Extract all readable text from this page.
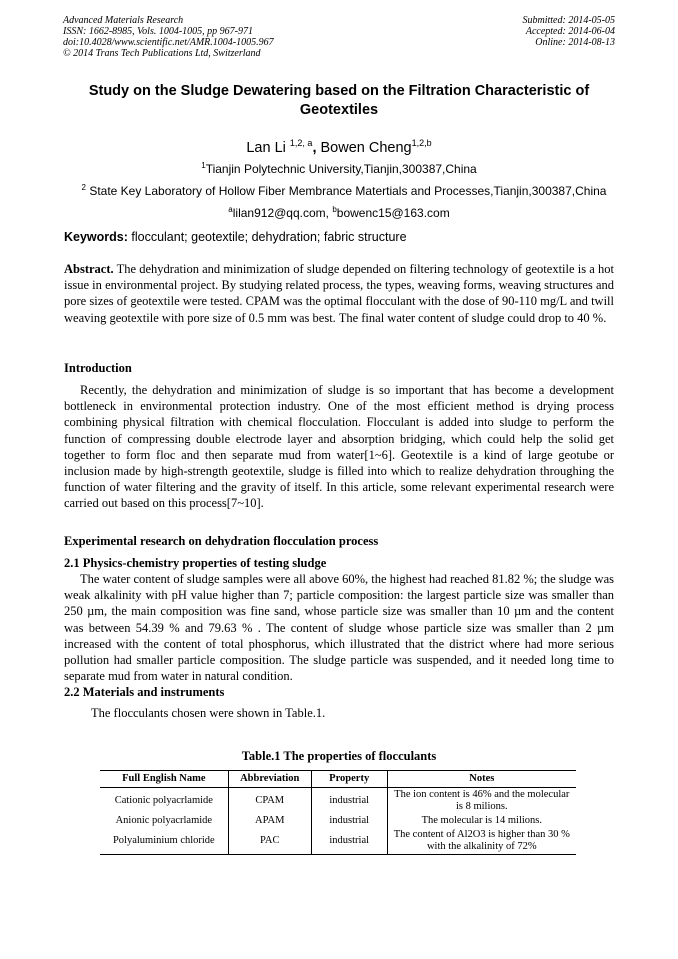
Advanced Materials Research
ISSN: 1662-8985, Vols. 1004-1005, pp 967-971
doi:10.4028/www.scientific.net/AMR.1004-1005.967
© 2014 Trans Tech Publications Ltd, Switzerland
Submitted: 2014-05-05
Accepted: 2014-06-04
Online: 2014-08-13
Study on the Sludge Dewatering based on the Filtration Characteristic of Geotextiles
Lan Li $^{1,2, a}$, Bowen Cheng$^{1,2,b}$
$^1$Tianjin Polytechnic University,Tianjin,300387,China
$^2$ State Key Laboratory of Hollow Fiber Membrance Matertials and Processes,Tianjin,300387,China
$^a$lilan912@qq.com, $^b$bowenc15@163.com
Keywords: flocculant; geotextile; dehydration; fabric structure
Abstract. The dehydration and minimization of sludge depended on filtering technology of geotextile is a hot issue in environmental project. By studying related process, the types, weaving forms, weaving structures and pore sizes of geotextile were tested. CPAM was the optimal flocculant with the dose of 90-110 mg/L and twill weaving geotextile with pore size of 0.5 mm was best. The final water content of sludge could drop to 40 %.
Introduction
Recently, the dehydration and minimization of sludge is so important that has become a development bottleneck in environmental protection industry. One of the most efficient method is drying process combining physical filtration with chemical flocculation. Flocculant is added into sludge to perform the function of compressing double electrode layer and absorption bridging, which could help the solid get together to form floc and then separate mud from water[1~6]. Geotextile is a kind of large geotube or inclusion made by high-strength geotextile, sludge is filled into which to realize dehydration throughing the function of water filtering and the gravity of itself. In this article, some relevant experimental research were carried out based on this process[7~10].
Experimental research on dehydration flocculation process
2.1 Physics-chemistry properties of testing sludge
The water content of sludge samples were all above 60%, the highest had reached 81.82 %; the sludge was weak alkalinity with pH value higher than 7; particle composition: the largest particle size was smaller than 250 µm, the main composition was fine sand, whose particle size was smaller than 10 µm and the content was between 54.39 % and 79.63 % . The content of sludge whose particle size was smaller than 2 µm increased with the content of total phosphorus, which illustrated that the district where had more serious pollution had smaller particle composition. The sludge particle was suspended, and it needed long time to separate mud from water in natural condition.
2.2 Materials and instruments
The flocculants chosen were shown in Table.1.
Table.1 The properties of flocculants
Full English Name	Abbreviation	Property	Notes
Cationic polyacrlamide	CPAM	industrial	The ion content is 46% and the molecular is 8 milions.
Anionic polyacrlamide	APAM	industrial	The molecular is 14 milions.
Polyaluminium chloride	PAC	industrial	The content of Al2O3 is higher than 30 % with the alkalinity of 72%
